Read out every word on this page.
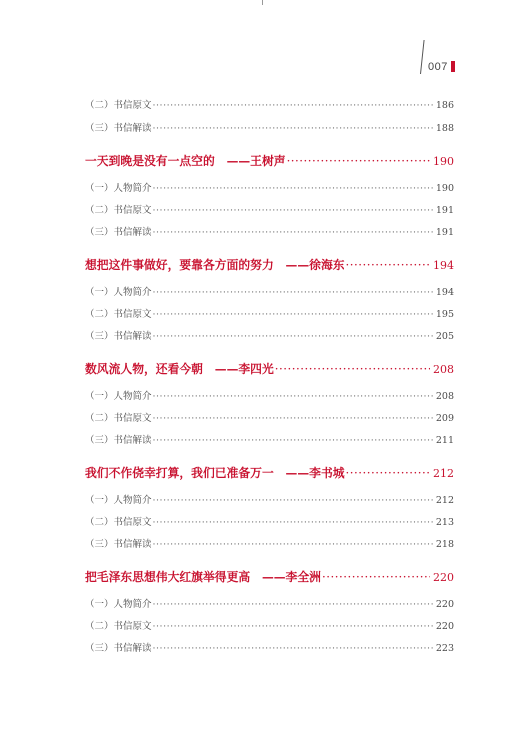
007
（二）书信原文 ·····	186
（三）书信解读 ·····	188
一天到晚是没有一点空的　——王树声 ·····	190
（一）人物简介 ·····	190
（二）书信原文 ·····	191
（三）书信解读 ·····	191
想把这件事做好，要靠各方面的努力　——徐海东 ·····	194
（一）人物简介 ·····	194
（二）书信原文 ·····	195
（三）书信解读 ·····	205
数风流人物，还看今朝　——李四光 ·····	208
（一）人物简介 ·····	208
（二）书信原文 ·····	209
（三）书信解读 ·····	211
我们不作侥幸打算，我们已准备万一　——李书城 ·····	212
（一）人物简介 ·····	212
（二）书信原文 ·····	213
（三）书信解读 ·····	218
把毛泽东思想伟大红旗举得更高　——李全洲 ·····	220
（一）人物简介 ·····	220
（二）书信原文 ·····	220
（三）书信解读 ·····	223
